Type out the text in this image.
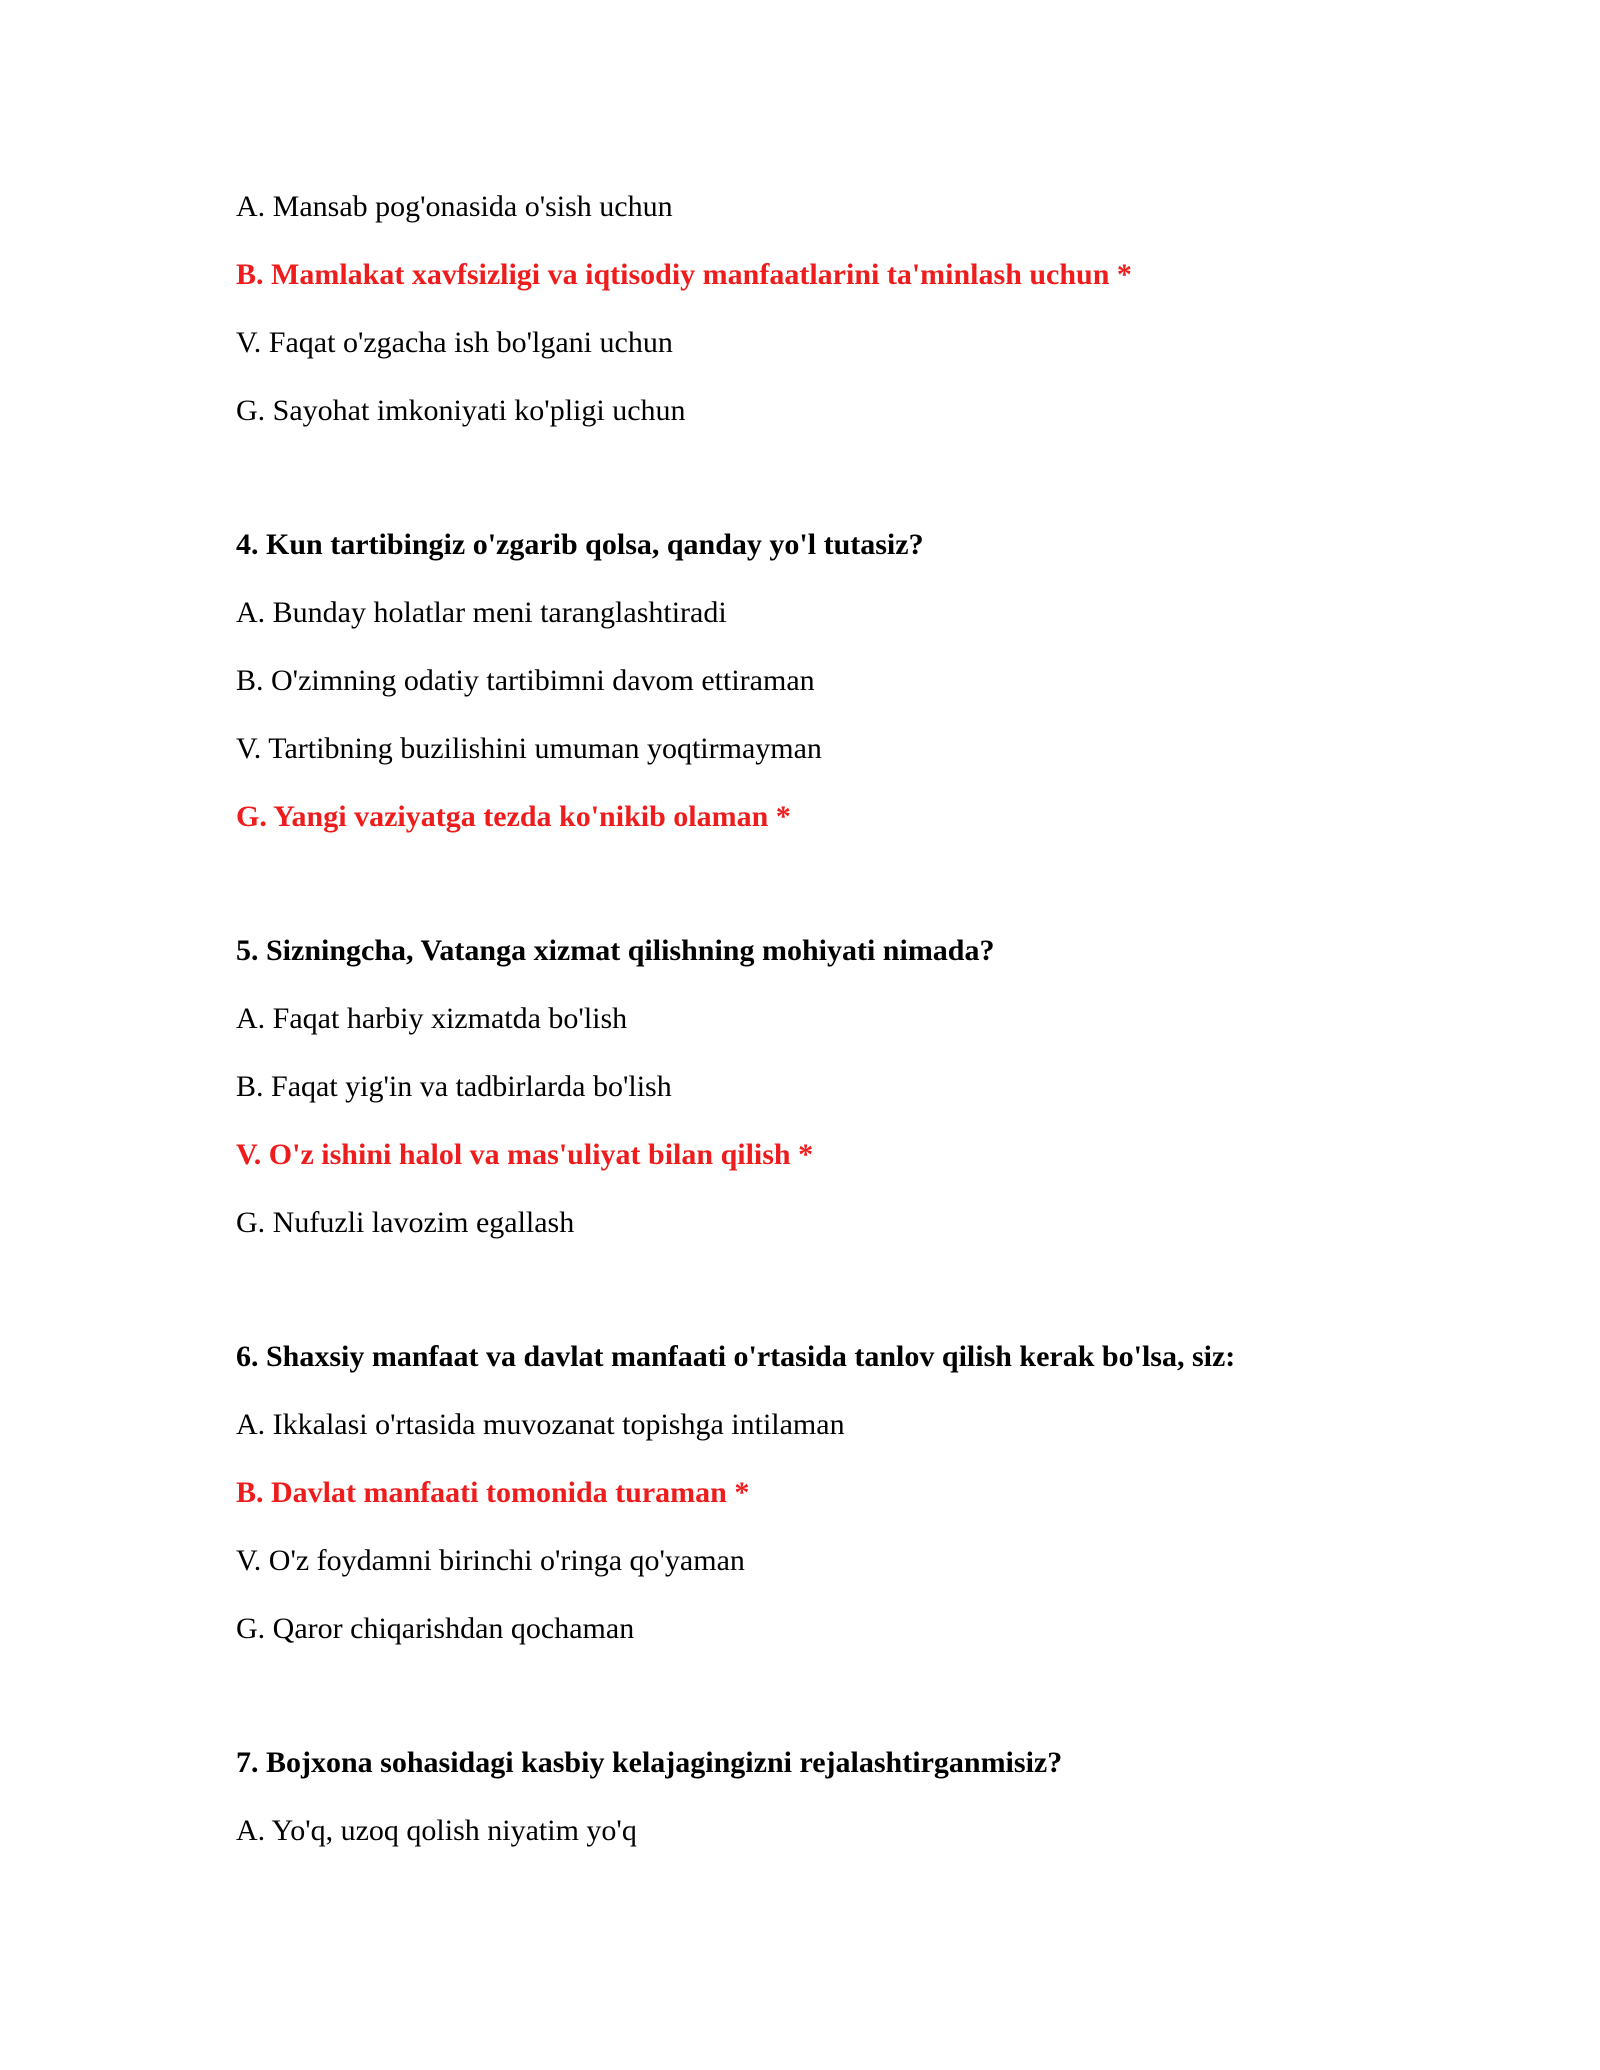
A. Mansab pog'onasida o'sish uchun
B. Mamlakat xavfsizligi va iqtisodiy manfaatlarini ta'minlash uchun *
V. Faqat o'zgacha ish bo'lgani uchun
G. Sayohat imkoniyati ko'pligi uchun
4. Kun tartibingiz o'zgarib qolsa, qanday yo'l tutasiz?
A. Bunday holatlar meni taranglashtiradi
B. O'zimning odatiy tartibimni davom ettiraman
V. Tartibning buzilishini umuman yoqtirmayman
G. Yangi vaziyatga tezda ko'nikib olaman *
5. Sizningcha, Vatanga xizmat qilishning mohiyati nimada?
A. Faqat harbiy xizmatda bo'lish
B. Faqat yig'in va tadbirlarda bo'lish
V. O'z ishini halol va mas'uliyat bilan qilish *
G. Nufuzli lavozim egallash
6. Shaxsiy manfaat va davlat manfaati o'rtasida tanlov qilish kerak bo'lsa, siz:
A. Ikkalasi o'rtasida muvozanat topishga intilaman
B. Davlat manfaati tomonida turaman *
V. O'z foydamni birinchi o'ringa qo'yaman
G. Qaror chiqarishdan qochaman
7. Bojxona sohasidagi kasbiy kelajagingizni rejalashtirganmisiz?
A. Yo'q, uzoq qolish niyatim yo'q
